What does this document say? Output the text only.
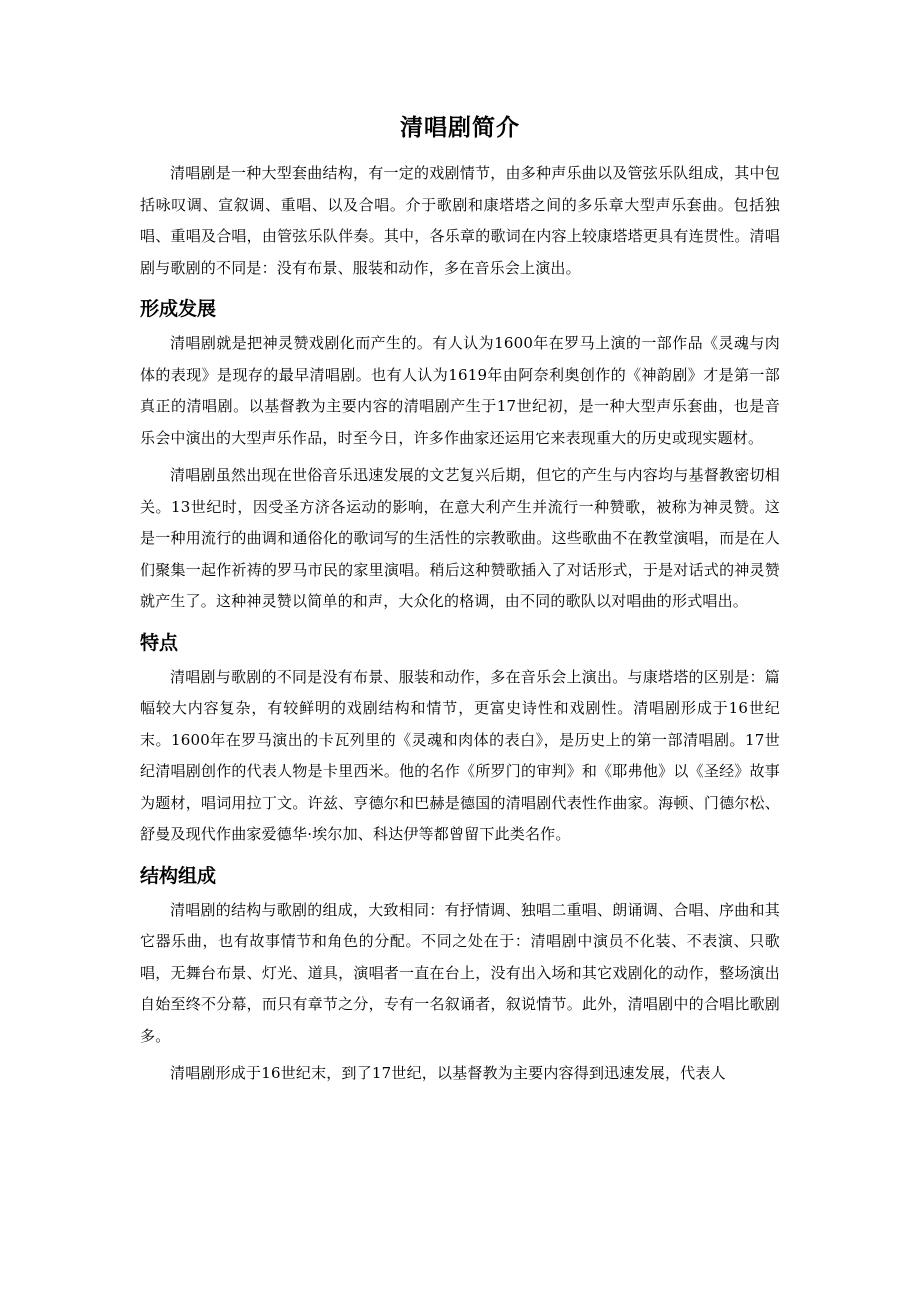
清唱剧简介

清唱剧是一种大型套曲结构，有一定的戏剧情节，由多种声乐曲以及管弦乐队组成，其中包括咏叹调、宣叙调、重唱、以及合唱。介于歌剧和康塔塔之间的多乐章大型声乐套曲。包括独唱、重唱及合唱，由管弦乐队伴奏。其中，各乐章的歌词在内容上较康塔塔更具有连贯性。清唱剧与歌剧的不同是：没有布景、服装和动作，多在音乐会上演出。

形成发展

清唱剧就是把神灵赞戏剧化而产生的。有人认为1600年在罗马上演的一部作品《灵魂与肉体的表现》是现存的最早清唱剧。也有人认为1619年由阿奈利奥创作的《神韵剧》才是第一部真正的清唱剧。以基督教为主要内容的清唱剧产生于17世纪初，是一种大型声乐套曲，也是音乐会中演出的大型声乐作品，时至今日，许多作曲家还运用它来表现重大的历史或现实题材。

清唱剧虽然出现在世俗音乐迅速发展的文艺复兴后期，但它的产生与内容均与基督教密切相关。13世纪时，因受圣方济各运动的影响，在意大利产生并流行一种赞歌，被称为神灵赞。这是一种用流行的曲调和通俗化的歌词写的生活性的宗教歌曲。这些歌曲不在教堂演唱，而是在人们聚集一起作祈祷的罗马市民的家里演唱。稍后这种赞歌插入了对话形式，于是对话式的神灵赞就产生了。这种神灵赞以简单的和声，大众化的格调，由不同的歌队以对唱曲的形式唱出。

特点

清唱剧与歌剧的不同是没有布景、服装和动作，多在音乐会上演出。与康塔塔的区别是：篇幅较大内容复杂，有较鲜明的戏剧结构和情节，更富史诗性和戏剧性。清唱剧形成于16世纪末。1600年在罗马演出的卡瓦列里的《灵魂和肉体的表白》，是历史上的第一部清唱剧。17世纪清唱剧创作的代表人物是卡里西米。他的名作《所罗门的审判》和《耶弗他》以《圣经》故事为题材，唱词用拉丁文。许兹、亨德尔和巴赫是德国的清唱剧代表性作曲家。海顿、门德尔松、舒曼及现代作曲家爱德华·埃尔加、科达伊等都曾留下此类名作。

结构组成

清唱剧的结构与歌剧的组成，大致相同：有抒情调、独唱二重唱、朗诵调、合唱、序曲和其它器乐曲，也有故事情节和角色的分配。不同之处在于：清唱剧中演员不化装、不表演、只歌唱，无舞台布景、灯光、道具，演唱者一直在台上，没有出入场和其它戏剧化的动作，整场演出自始至终不分幕，而只有章节之分，专有一名叙诵者，叙说情节。此外，清唱剧中的合唱比歌剧多。

清唱剧形成于16世纪末，到了17世纪，以基督教为主要内容得到迅速发展，代表人
